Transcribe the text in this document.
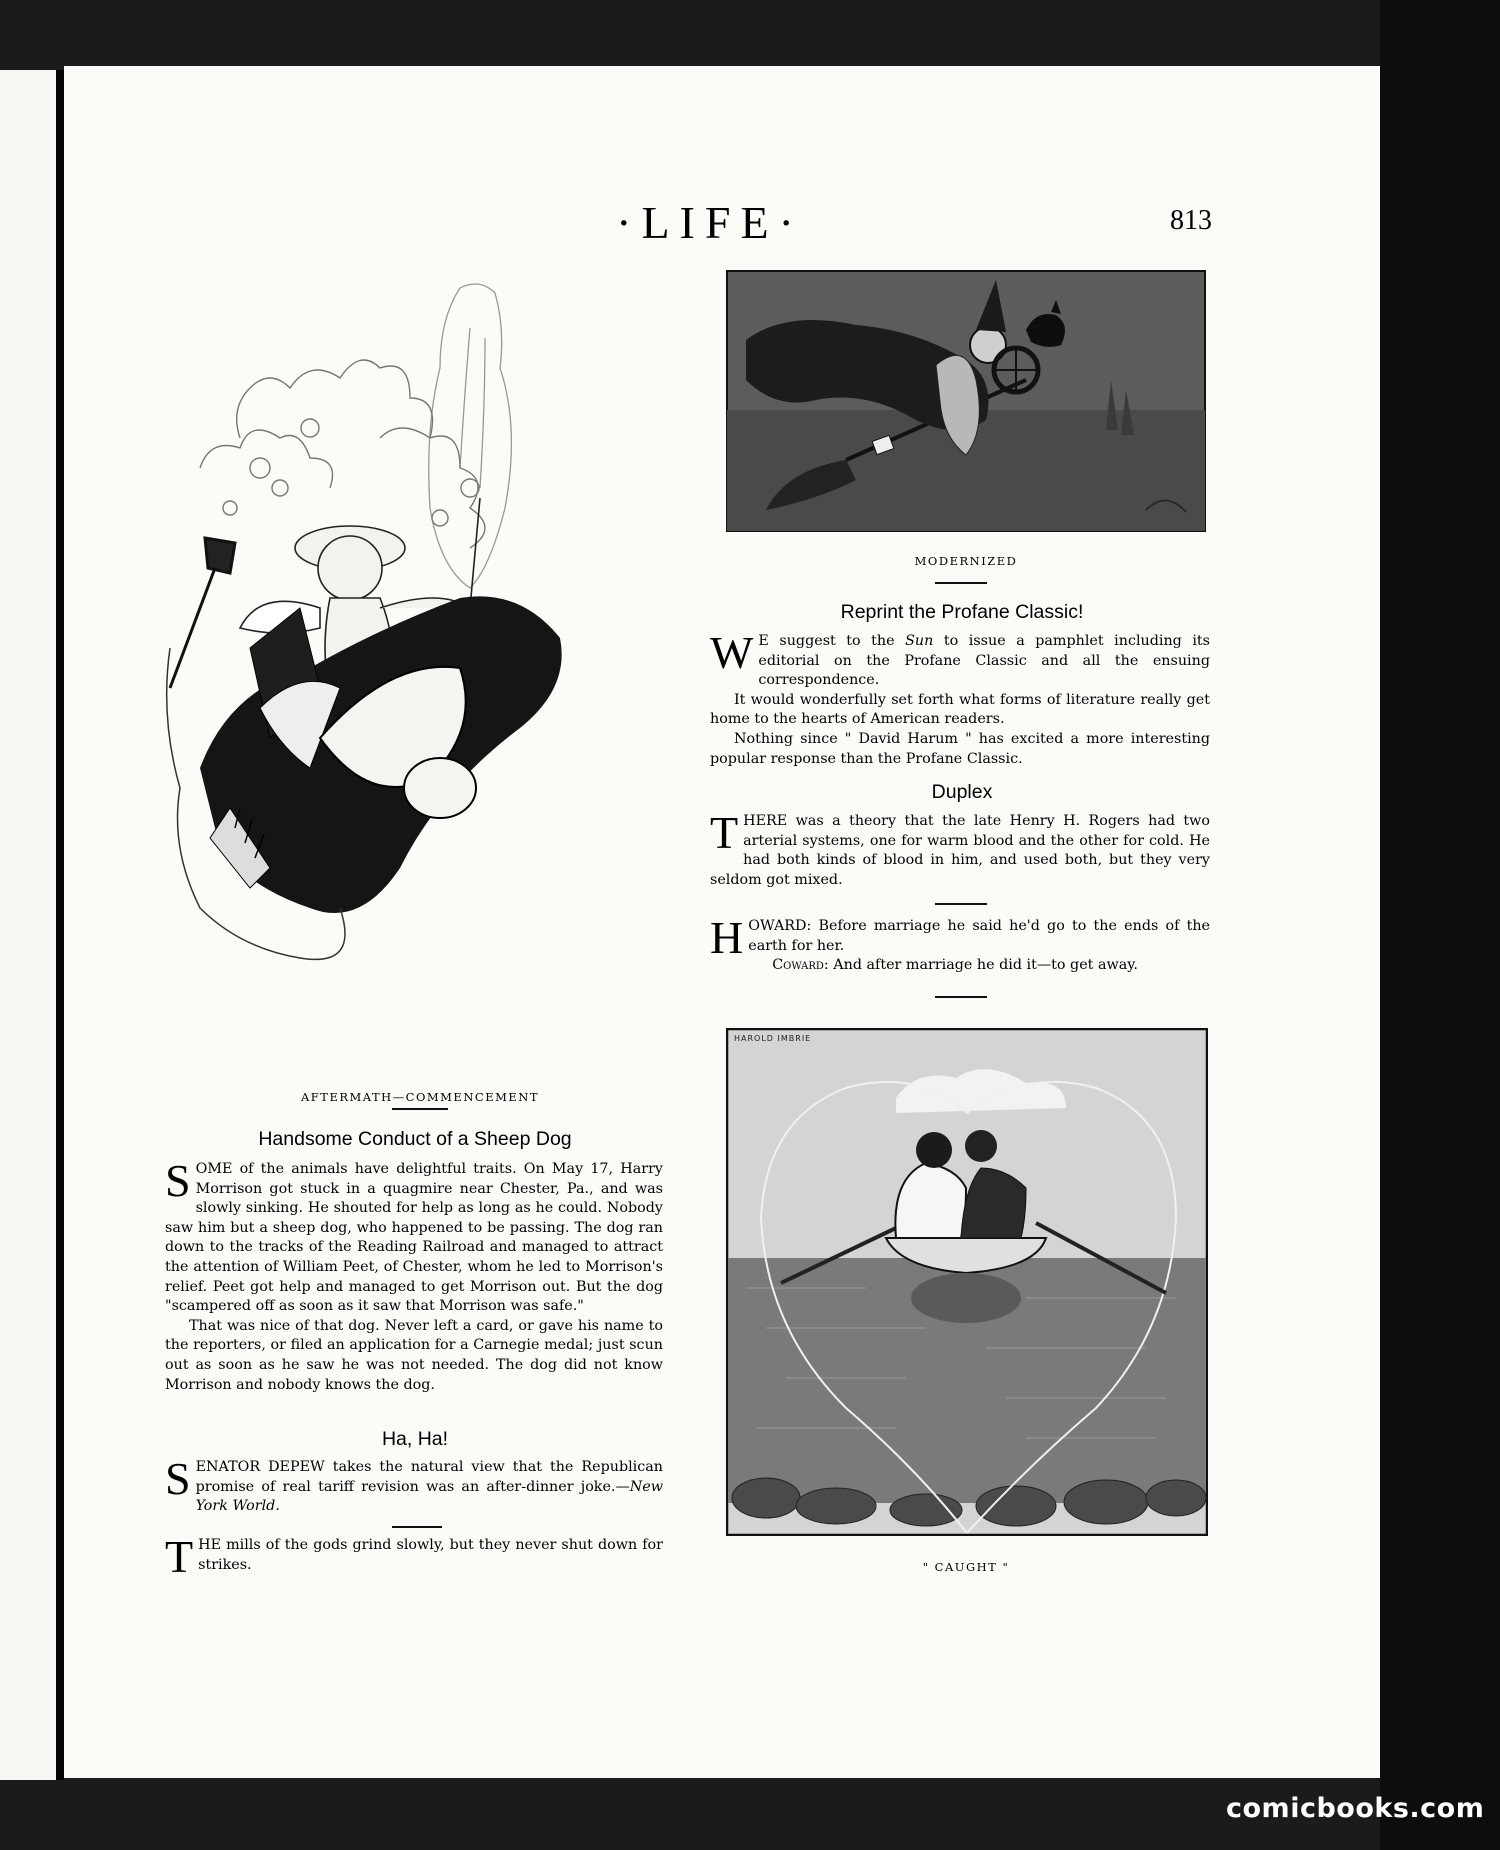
·LIFE·	813
AFTERMATH—COMMENCEMENT
Handsome Conduct of a Sheep Dog

SOME of the animals have delightful traits. On May 17, Harry Morrison got stuck in a quagmire near Chester, Pa., and was slowly sinking. He shouted for help as long as he could. Nobody saw him but a sheep dog, who happened to be passing. The dog ran down to the tracks of the Reading Railroad and managed to attract the attention of William Peet, of Chester, whom he led to Morrison's relief. Peet got help and managed to get Morrison out. But the dog "scampered off as soon as it saw that Morrison was safe."

That was nice of that dog. Never left a card, or gave his name to the reporters, or filed an application for a Carnegie medal; just scun out as soon as he saw he was not needed. The dog did not know Morrison and nobody knows the dog.

Ha, Ha!

SENATOR DEPEW takes the natural view that the Republican promise of real tariff revision was an after-dinner joke.—New York World.

THE mills of the gods grind slowly, but they never shut down for strikes.

MODERNIZED
Reprint the Profane Classic!

W E suggest to the Sun to issue a pamphlet including its editorial on the Profane Classic and all the ensuing correspondence.

It would wonderfully set forth what forms of literature really get home to the hearts of American readers.

Nothing since " David Harum " has excited a more interesting popular response than the Profane Classic.

Duplex

THERE was a theory that the late Henry H. Rogers had two arterial systems, one for warm blood and the other for cold. He had both kinds of blood in him, and used both, but they very seldom got mixed.

HOWARD: Before marriage he said he'd go to the ends of the earth for her.

Coward: And after marriage he did it—to get away.

HAROLD IMBRIE
" CAUGHT "
comicbooks.com
